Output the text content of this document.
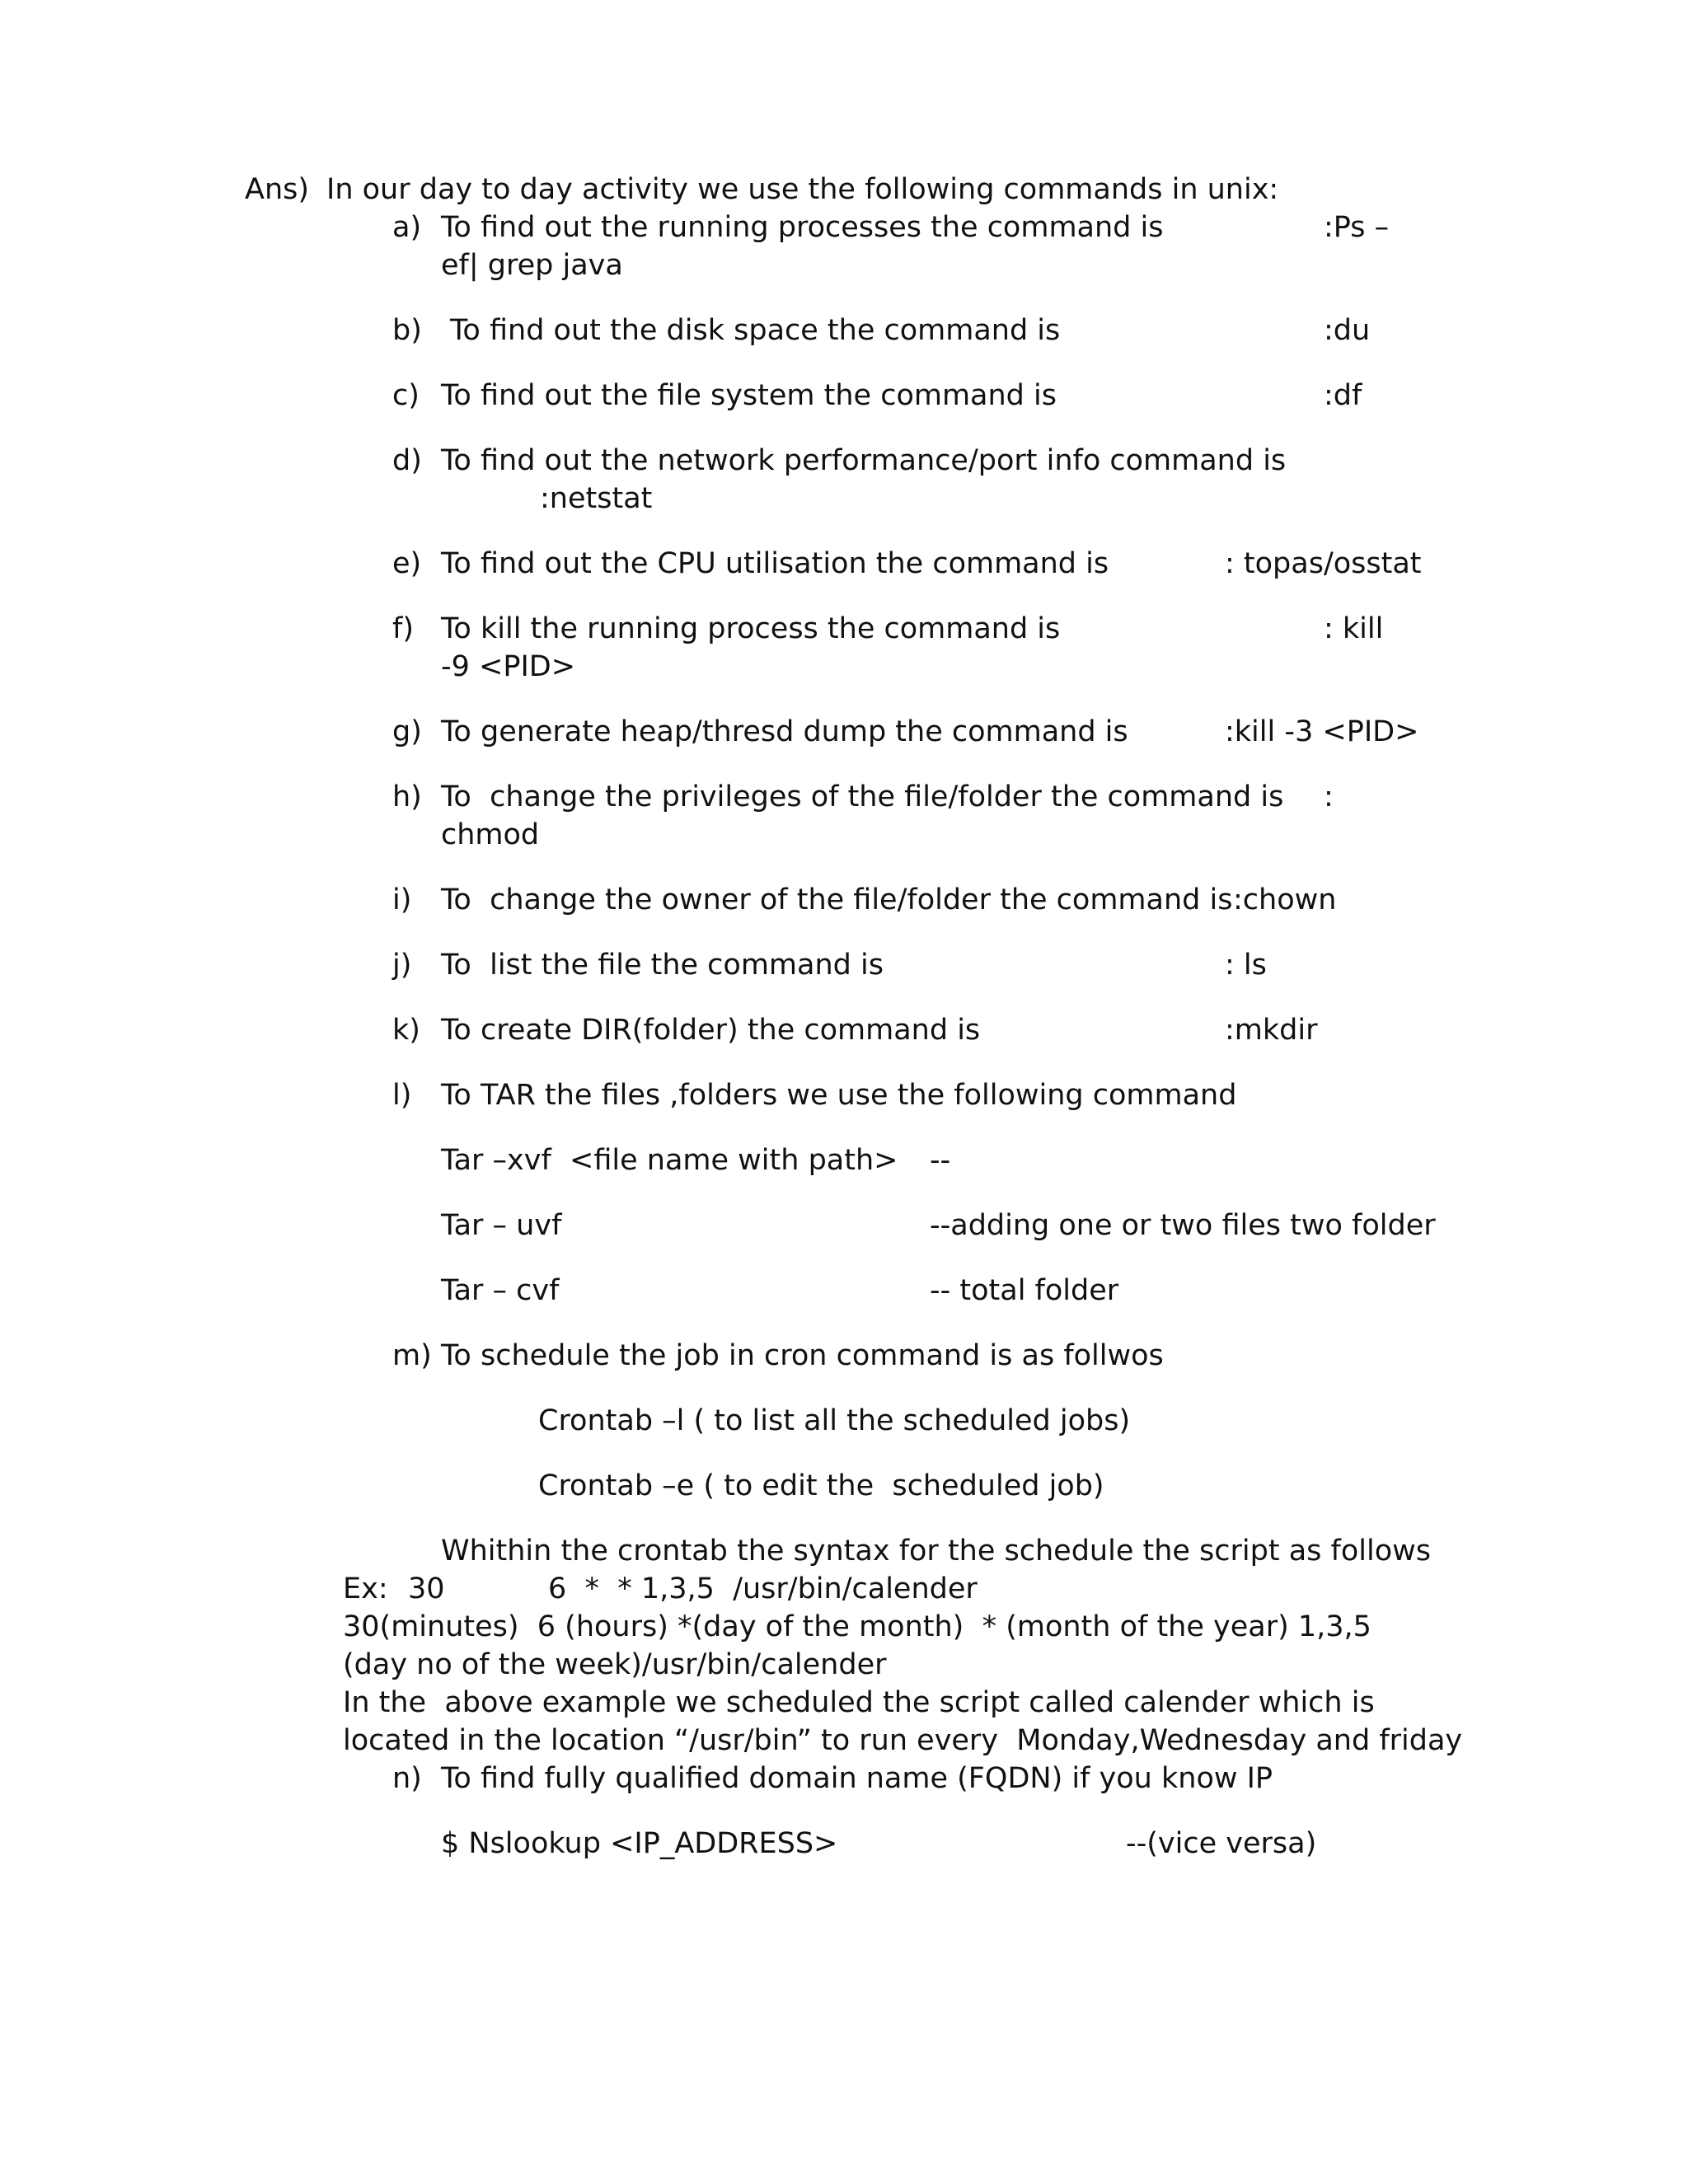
Ans) In our day to day activity we use the following commands in unix:
a) To find out the running processes the command is	:Ps –
ef| grep java
b) To find out the disk space the command is	:du
c) To find out the file system the command is	:df
d) To find out the network performance/port info command is
:netstat
e) To find out the CPU utilisation the command is	: topas/osstat
f) To kill the running process the command is	: kill
-9 <PID>
g) To generate heap/thresd dump the command is	:kill -3 <PID>
h) To  change the privileges of the file/folder the command is :
chmod
i) To  change the owner of the file/folder the command is :chown
j) To  list the file the command is	: ls
k) To create DIR(folder) the command is	:mkdir
l) To TAR the files ,folders we use the following command
Tar –xvf  <file name with path> --
Tar – uvf	--adding one or two files two folder
Tar – cvf	-- total folder
m) To schedule the job in cron command is as follwos
Crontab –l ( to list all the scheduled jobs)
Crontab –e ( to edit the  scheduled job)
Whithin the crontab the syntax for the schedule the script as follows
Ex: 30	6  *  * 1,3,5  /usr/bin/calender
30(minutes)  6 (hours) *(day of the month)  * (month of the year) 1,3,5
(day no of the week)/usr/bin/calender
In the  above example we scheduled the script called calender which is
located in the location “/usr/bin” to run every  Monday,Wednesday and friday
n) To find fully qualified domain name (FQDN) if you know IP
$ Nslookup <IP_ADDRESS>	--(vice versa)
